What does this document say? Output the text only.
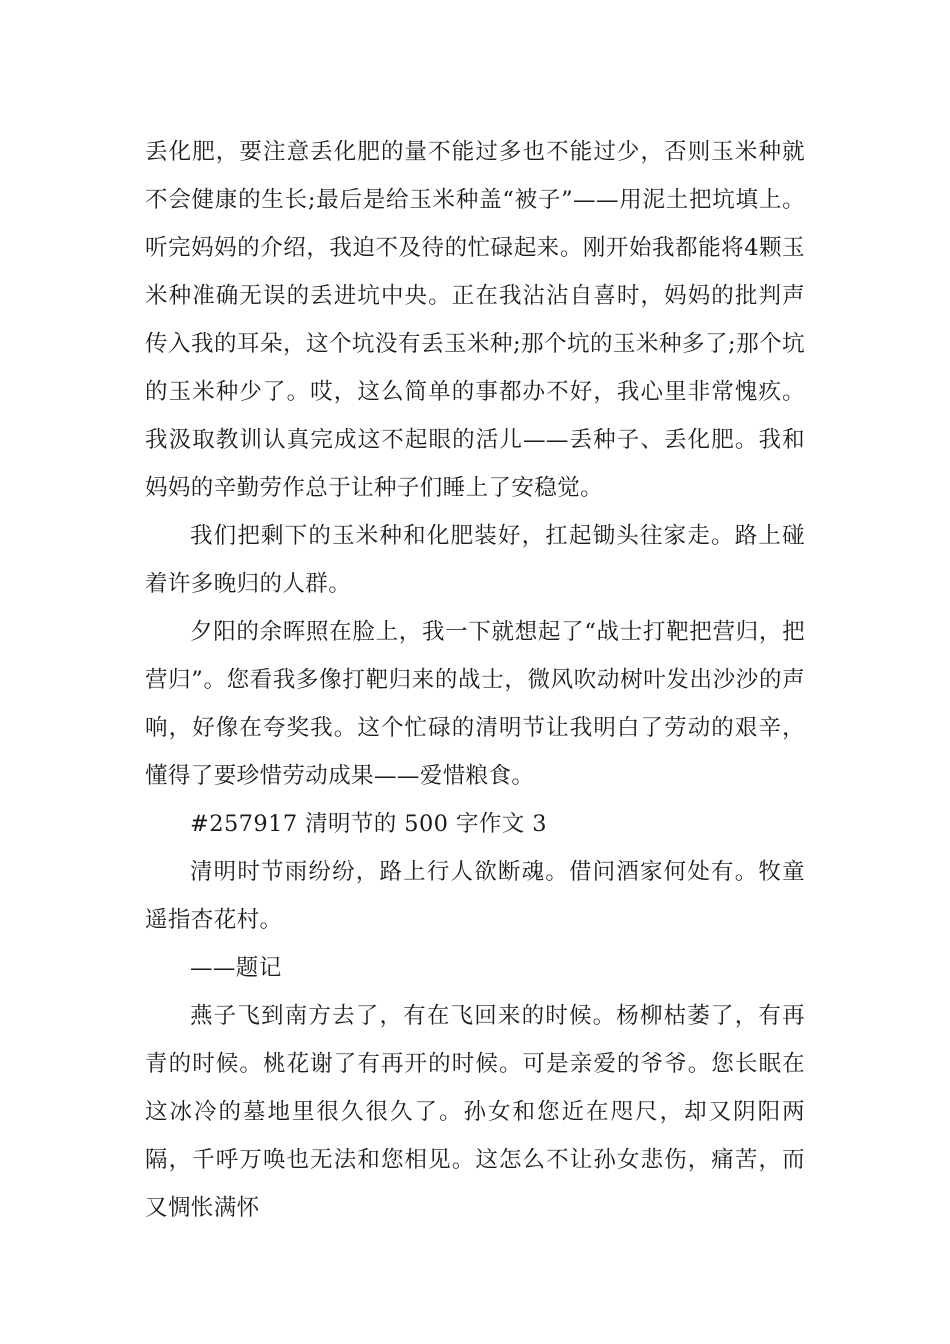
丢化肥，要注意丢化肥的量不能过多也不能过少，否则玉米种就不会健康的生长;最后是给玉米种盖“被子”——用泥土把坑填上。听完妈妈的介绍，我迫不及待的忙碌起来。刚开始我都能将4颗玉米种准确无误的丢进坑中央。正在我沾沾自喜时，妈妈的批判声传入我的耳朵，这个坑没有丢玉米种;那个坑的玉米种多了;那个坑的玉米种少了。哎，这么简单的事都办不好，我心里非常愧疚。我汲取教训认真完成这不起眼的活儿——丢种子、丢化肥。我和妈妈的辛勤劳作总于让种子们睡上了安稳觉。

我们把剩下的玉米种和化肥装好，扛起锄头往家走。路上碰着许多晚归的人群。

夕阳的余晖照在脸上，我一下就想起了“战士打靶把营归，把营归”。您看我多像打靶归来的战士，微风吹动树叶发出沙沙的声响，好像在夸奖我。这个忙碌的清明节让我明白了劳动的艰辛，懂得了要珍惜劳动成果——爱惜粮食。

#257917 清明节的 500 字作文 3

清明时节雨纷纷，路上行人欲断魂。借问酒家何处有。牧童遥指杏花村。

——题记

燕子飞到南方去了，有在飞回来的时候。杨柳枯萎了，有再青的时候。桃花谢了有再开的时候。可是亲爱的爷爷。您长眠在这冰冷的墓地里很久很久了。孙女和您近在咫尺，却又阴阳两隔，千呼万唤也无法和您相见。这怎么不让孙女悲伤，痛苦，而又惆怅满怀
